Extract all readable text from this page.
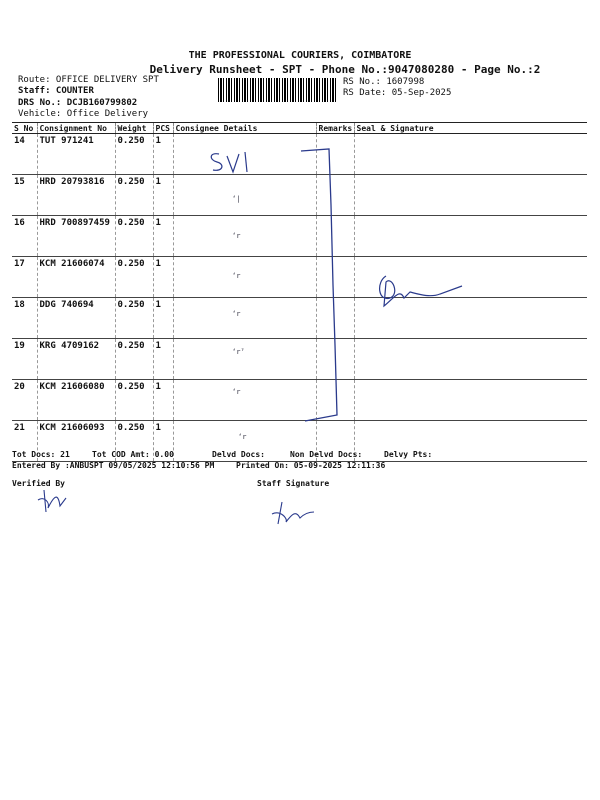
THE PROFESSIONAL COURIERS, COIMBATORE
Delivery Runsheet - SPT - Phone No.:9047080280 - Page No.:2
Route: OFFICE DELIVERY SPT
Staff: COUNTER
DRS No.: DCJB160799802
Vehicle: Office Delivery
RS No.: 1607998
RS Date: 05-Sep-2025
S No	Consignment No	Weight	PCS	Consignee Details	Remarks	Seal & Signature
14	TUT 971241	0.250	1			
15	HRD 20793816	0.250	1			
16	HRD 700897459	0.250	1			
17	KCM 21606074	0.250	1			
18	DDG 740694	0.250	1			
19	KRG 4709162	0.250	1			
20	KCM 21606080	0.250	1			
21	KCM 21606093	0.250	1			
ʻ|
ʻr
ʻr
ʻr
ʻrˀ
ʻr
ʻr
Tot Docs: 21	Tot COD Amt: 0.00	Delvd Docs:	Non Delvd Docs:	Delvy Pts:
Entered By :ANBUSPT 09/05/2025 12:10:56 PM	Printed On: 05-09-2025 12:11:36
Verified By	Staff Signature
